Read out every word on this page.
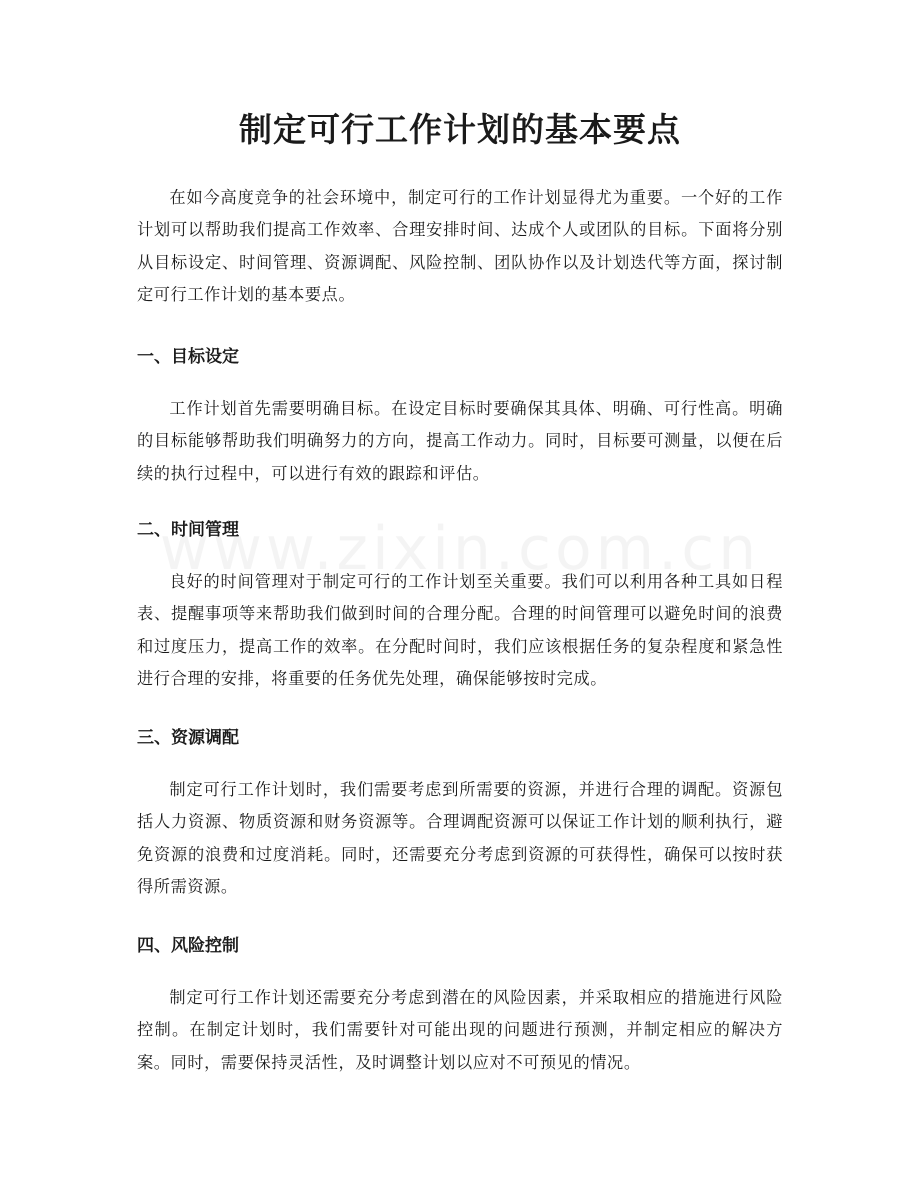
制定可行工作计划的基本要点

在如今高度竞争的社会环境中，制定可行的工作计划显得尤为重要。一个好的工作计划可以帮助我们提高工作效率、合理安排时间、达成个人或团队的目标。下面将分别从目标设定、时间管理、资源调配、风险控制、团队协作以及计划迭代等方面，探讨制定可行工作计划的基本要点。

一、目标设定

工作计划首先需要明确目标。在设定目标时要确保其具体、明确、可行性高。明确的目标能够帮助我们明确努力的方向，提高工作动力。同时，目标要可测量，以便在后续的执行过程中，可以进行有效的跟踪和评估。

二、时间管理

良好的时间管理对于制定可行的工作计划至关重要。我们可以利用各种工具如日程表、提醒事项等来帮助我们做到时间的合理分配。合理的时间管理可以避免时间的浪费和过度压力，提高工作的效率。在分配时间时，我们应该根据任务的复杂程度和紧急性进行合理的安排，将重要的任务优先处理，确保能够按时完成。

三、资源调配

制定可行工作计划时，我们需要考虑到所需要的资源，并进行合理的调配。资源包括人力资源、物质资源和财务资源等。合理调配资源可以保证工作计划的顺利执行，避免资源的浪费和过度消耗。同时，还需要充分考虑到资源的可获得性，确保可以按时获得所需资源。

四、风险控制

制定可行工作计划还需要充分考虑到潜在的风险因素，并采取相应的措施进行风险控制。在制定计划时，我们需要针对可能出现的问题进行预测，并制定相应的解决方案。同时，需要保持灵活性，及时调整计划以应对不可预见的情况。
